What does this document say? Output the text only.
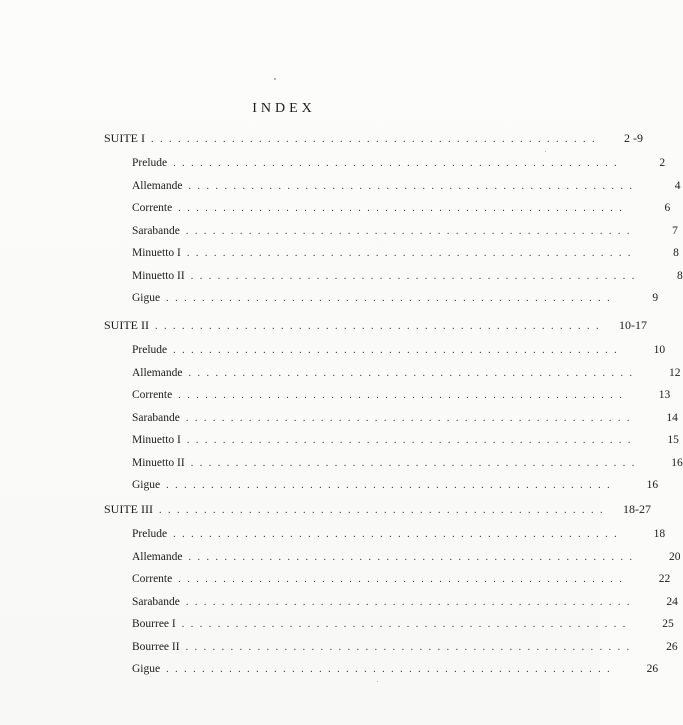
INDEX
SUITE I ..................................................	2 -9
Prelude ..................................................	2
Allemande ..................................................	4
Corrente ..................................................	6
Sarabande ..................................................	7
Minuetto I ..................................................	8
Minuetto II ..................................................	8
Gigue ..................................................	9
SUITE II ..................................................	10-17
Prelude ..................................................	10
Allemande ..................................................	12
Corrente ..................................................	13
Sarabande ..................................................	14
Minuetto I ..................................................	15
Minuetto II ..................................................	16
Gigue ..................................................	16
SUITE III ..................................................	18-27
Prelude ..................................................	18
Allemande ..................................................	20
Corrente ..................................................	22
Sarabande ..................................................	24
Bourree I ..................................................	25
Bourree II ..................................................	26
Gigue ..................................................	26
